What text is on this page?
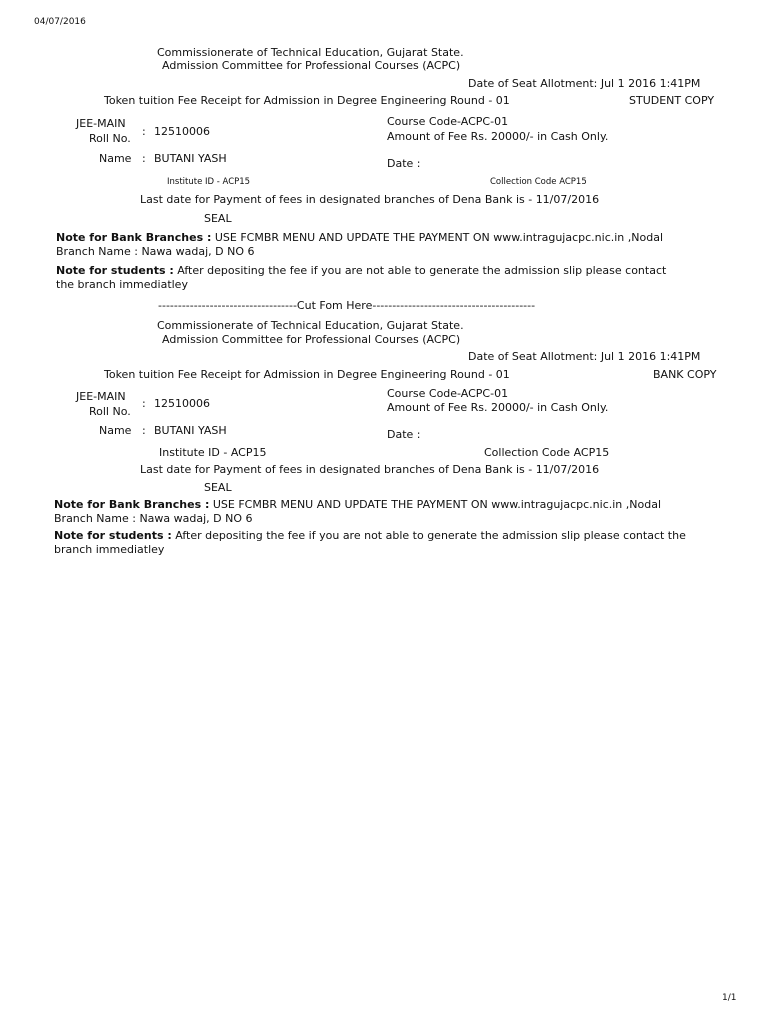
04/07/2016
1/1
Commissionerate of Technical Education, Gujarat State.
Admission Committee for Professional Courses (ACPC)
Date of Seat Allotment: Jul 1 2016 1:41PM
Token tuition Fee Receipt for Admission in Degree Engineering Round - 01	STUDENT COPY
JEE-MAIN
Roll No.
: 12510006
Course Code-ACPC-01
Amount of Fee Rs. 20000/- in Cash Only.
Name : BUTANI YASH	Date :
Institute ID - ACP15	Collection Code ACP15
Last date for Payment of fees in designated branches of Dena Bank is - 11/07/2016
SEAL
Note for Bank Branches : USE FCMBR MENU AND UPDATE THE PAYMENT ON www.intragujacpc.nic.in ,Nodal
Branch Name : Nawa wadaj, D NO 6
Note for students : After depositing the fee if you are not able to generate the admission slip please contact
the branch immediatley
-----------------------------------Cut Fom Here-----------------------------------------
Commissionerate of Technical Education, Gujarat State.
Admission Committee for Professional Courses (ACPC)
Date of Seat Allotment: Jul 1 2016 1:41PM
Token tuition Fee Receipt for Admission in Degree Engineering Round - 01	BANK COPY
JEE-MAIN
Roll No.
: 12510006
Course Code-ACPC-01
Amount of Fee Rs. 20000/- in Cash Only.
Name : BUTANI YASH	Date :
Institute ID - ACP15	Collection Code ACP15
Last date for Payment of fees in designated branches of Dena Bank is - 11/07/2016
SEAL
Note for Bank Branches : USE FCMBR MENU AND UPDATE THE PAYMENT ON www.intragujacpc.nic.in ,Nodal
Branch Name : Nawa wadaj, D NO 6
Note for students : After depositing the fee if you are not able to generate the admission slip please contact the
branch immediatley
